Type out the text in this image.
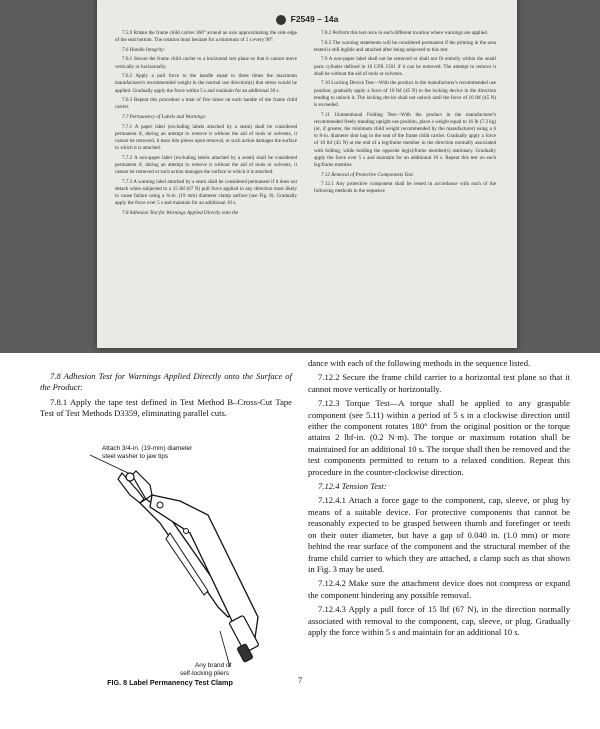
F2549 – 14a

7.5.9 Rotate the frame child carrier 360° around an axis approximating the side edge of the seat bottom. The rotation must hesitate for a minimum of 1 s every 90°.

7.6 Handle Integrity:

7.6.1 Secure the frame child carrier to a horizontal test plane so that it cannot move vertically or horizontally.

7.6.2 Apply a pull force to the handle equal to three times the maximum manufacturer's recommended weight in the normal use direction(s) that stress would be applied. Gradually apply the force within 5 s and maintain for an additional 30 s.

7.6.3 Repeat this procedure a total of five times on each handle of the frame child carrier.

7.7 Permanency of Labels and Warnings:

7.7.1 A paper label (excluding labels attached by a seam) shall be considered permanent if, during an attempt to remove it without the aid of tools or solvents, it cannot be removed, it tears into pieces upon removal, or such action damages the surface to which it is attached.

7.7.2 A non-paper label (excluding labels attached by a seam) shall be considered permanent if, during an attempt to remove it without the aid of tools or solvents, it cannot be removed or such action damages the surface to which it is attached.

7.7.3 A warning label attached by a seam shall be considered permanent if it does not detach when subjected to a 15 lbf (67 N) pull force applied in any direction most likely to cause failure using a ¾-in. (19 mm) diameter clamp surface (see Fig. 8). Gradually apply the force over 5 s and maintain for an additional 10 s.

7.8 Adhesion Test for Warnings Applied Directly onto the

7.8.2 Perform this test once in each different location where warnings are applied.

7.8.3 The warning statements will be considered permanent if the printing in the area tested is still legible and attached after being subjected to this test.

7.9 A non-paper label shall not be removed or shall not fit entirely within the small parts cylinder defined in 16 CFR 1501 if it can be removed. The attempt to remove it shall be without the aid of tools or solvents.

7.10 Locking Device Test—With the product in the manufacturer's recommended use position, gradually apply a force of 10 lbf (45 N) to the locking device in the direction tending to unlock it. The locking device shall not unlock until the force of 10 lbf (45 N) is exceeded.

7.11 Unintentional Folding Test—With the product in the manufacturer's recommended freely standing upright use position, place a weight equal to 16 lb (7.3 kg) (or, if greater, the minimum child weight recommended by the manufacturer) using a 6 to 8-in. diameter shot bag in the seat of the frame child carrier. Gradually apply a force of 10 lbf (45 N) at the end of a leg/frame member in the direction normally associated with folding, while holding the opposite leg(s)/frame member(s) stationary. Gradually apply the force over 5 s and maintain for an additional 10 s. Repeat this test on each leg/frame member.

7.12 Removal of Protective Components Test:

7.12.1 Any protective component shall be tested in accordance with each of the following methods in the sequence

7.8 Adhesion Test for Warnings Applied Directly onto the Surface of the Product:

7.8.1 Apply the tape test defined in Test Method B–Cross-Cut Tape Test of Test Methods D3359, eliminating parallel cuts.

Attach 3/4-in. (19-mm) diameter
steel washer to jaw tips
Any brand of
self-locking pliers
FIG. 8 Label Permanency Test Clamp

dance with each of the following methods in the sequence listed.

7.12.2 Secure the frame child carrier to a horizontal test plane so that it cannot move vertically or horizontally.

7.12.3 Torque Test—A torque shall be applied to any graspable component (see 5.11) within a period of 5 s in a clockwise direction until either the component rotates 180° from the original position or the torque attains 2 lbf-in. (0.2 N·m). The torque or maximum rotation shall be maintained for an additional 10 s. The torque shall then be removed and the test components permitted to return to a relaxed condition. Repeat this procedure in the counter-clockwise direction.

7.12.4 Tension Test:

7.12.4.1 Attach a force gage to the component, cap, sleeve, or plug by means of a suitable device. For protective components that cannot be reasonably expected to be grasped between thumb and forefinger or teeth on their outer diameter, but have a gap of 0.040 in. (1.0 mm) or more behind the rear surface of the component and the structural member of the frame child carrier to which they are attached, a clamp such as that shown in Fig. 3 may be used.

7.12.4.2 Make sure the attachment device does not compress or expand the component hindering any possible removal.

7.12.4.3 Apply a pull force of 15 lbf (67 N), in the direction normally associated with removal to the component, cap, sleeve, or plug. Gradually apply the force within 5 s and maintain for an additional 10 s.

7
